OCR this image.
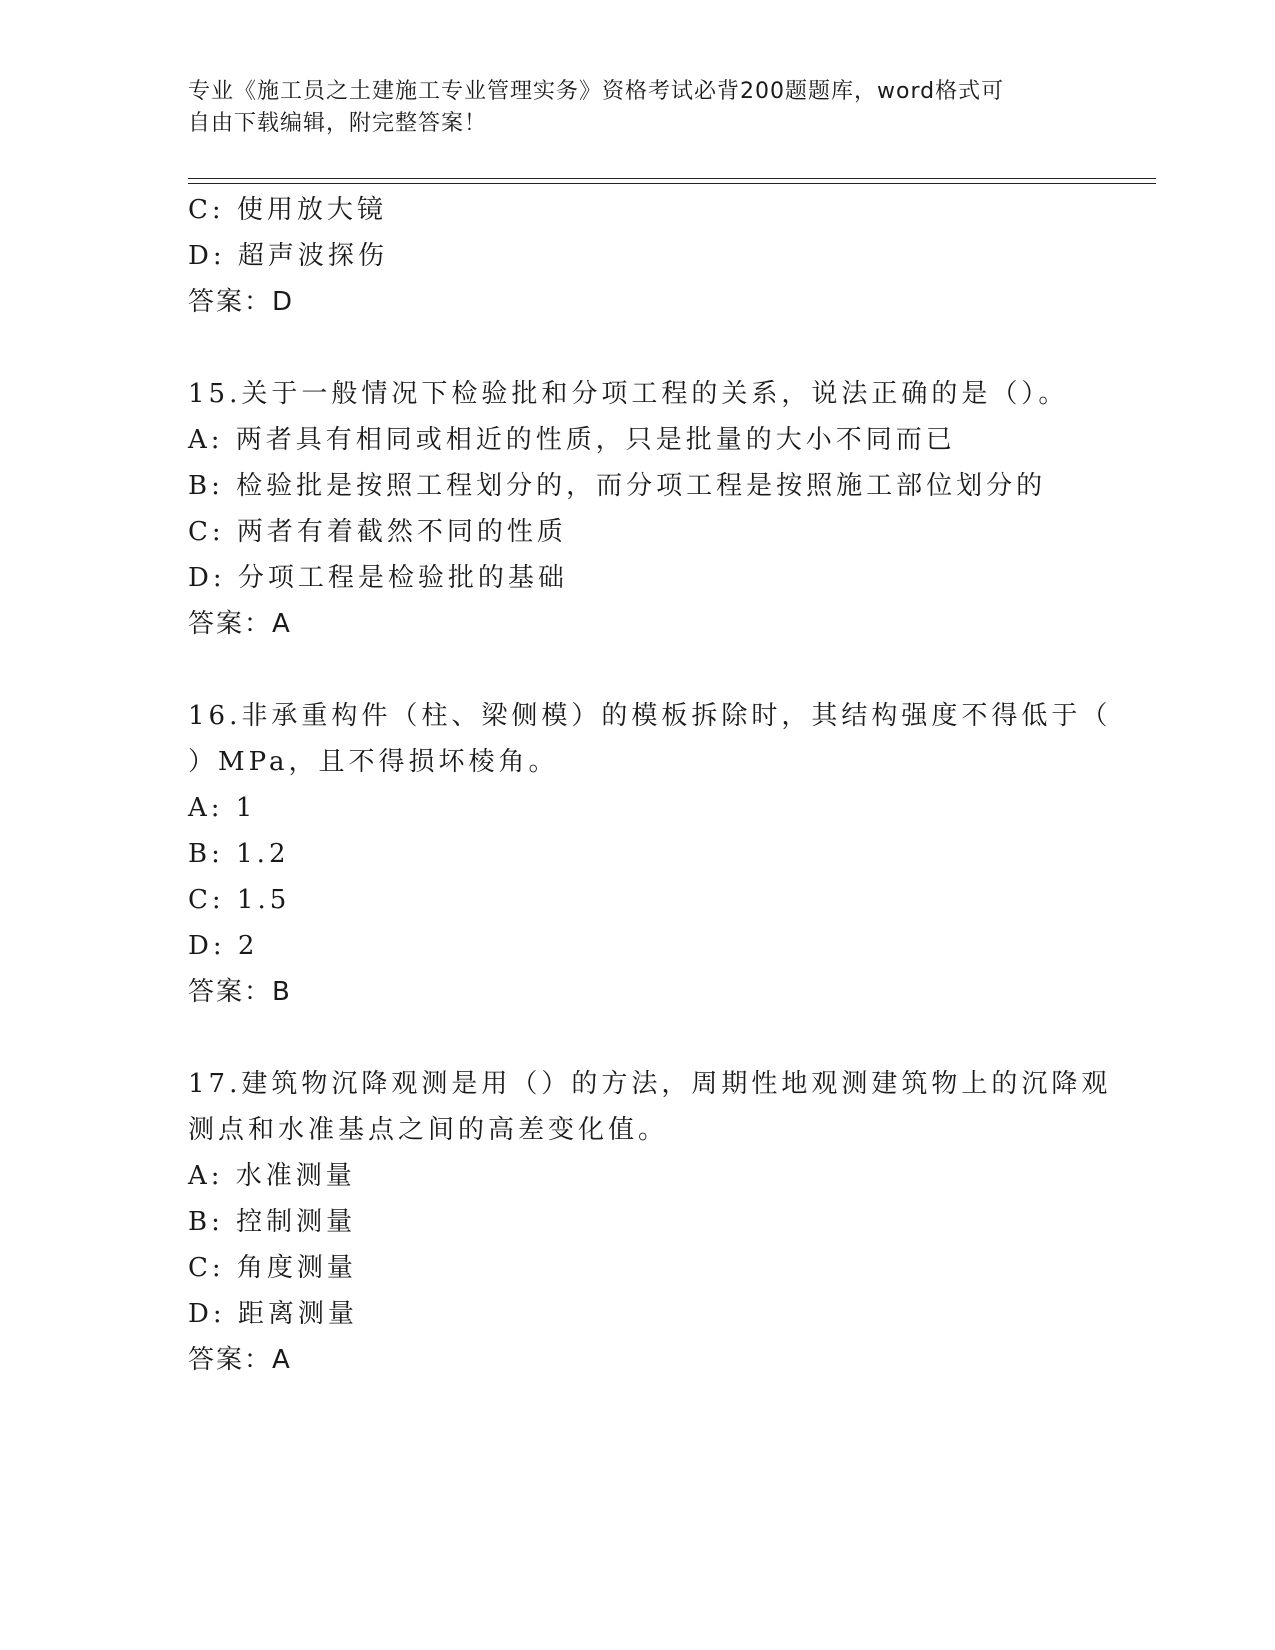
专业《施工员之土建施工专业管理实务》资格考试必背200题题库，word格式可
自由下载编辑，附完整答案！
C: 使用放大镜
D: 超声波探伤
答案：D
15.关于一般情况下检验批和分项工程的关系，说法正确的是（）。
A: 两者具有相同或相近的性质，只是批量的大小不同而已
B: 检验批是按照工程划分的，而分项工程是按照施工部位划分的
C: 两者有着截然不同的性质
D: 分项工程是检验批的基础
答案：A
16.非承重构件（柱、梁侧模）的模板拆除时，其结构强度不得低于（
）MPa，且不得损坏棱角。
A: 1
B: 1.2
C: 1.5
D: 2
答案：B
17.建筑物沉降观测是用（）的方法，周期性地观测建筑物上的沉降观
测点和水准基点之间的高差变化值。
A: 水准测量
B: 控制测量
C: 角度测量
D: 距离测量
答案：A
